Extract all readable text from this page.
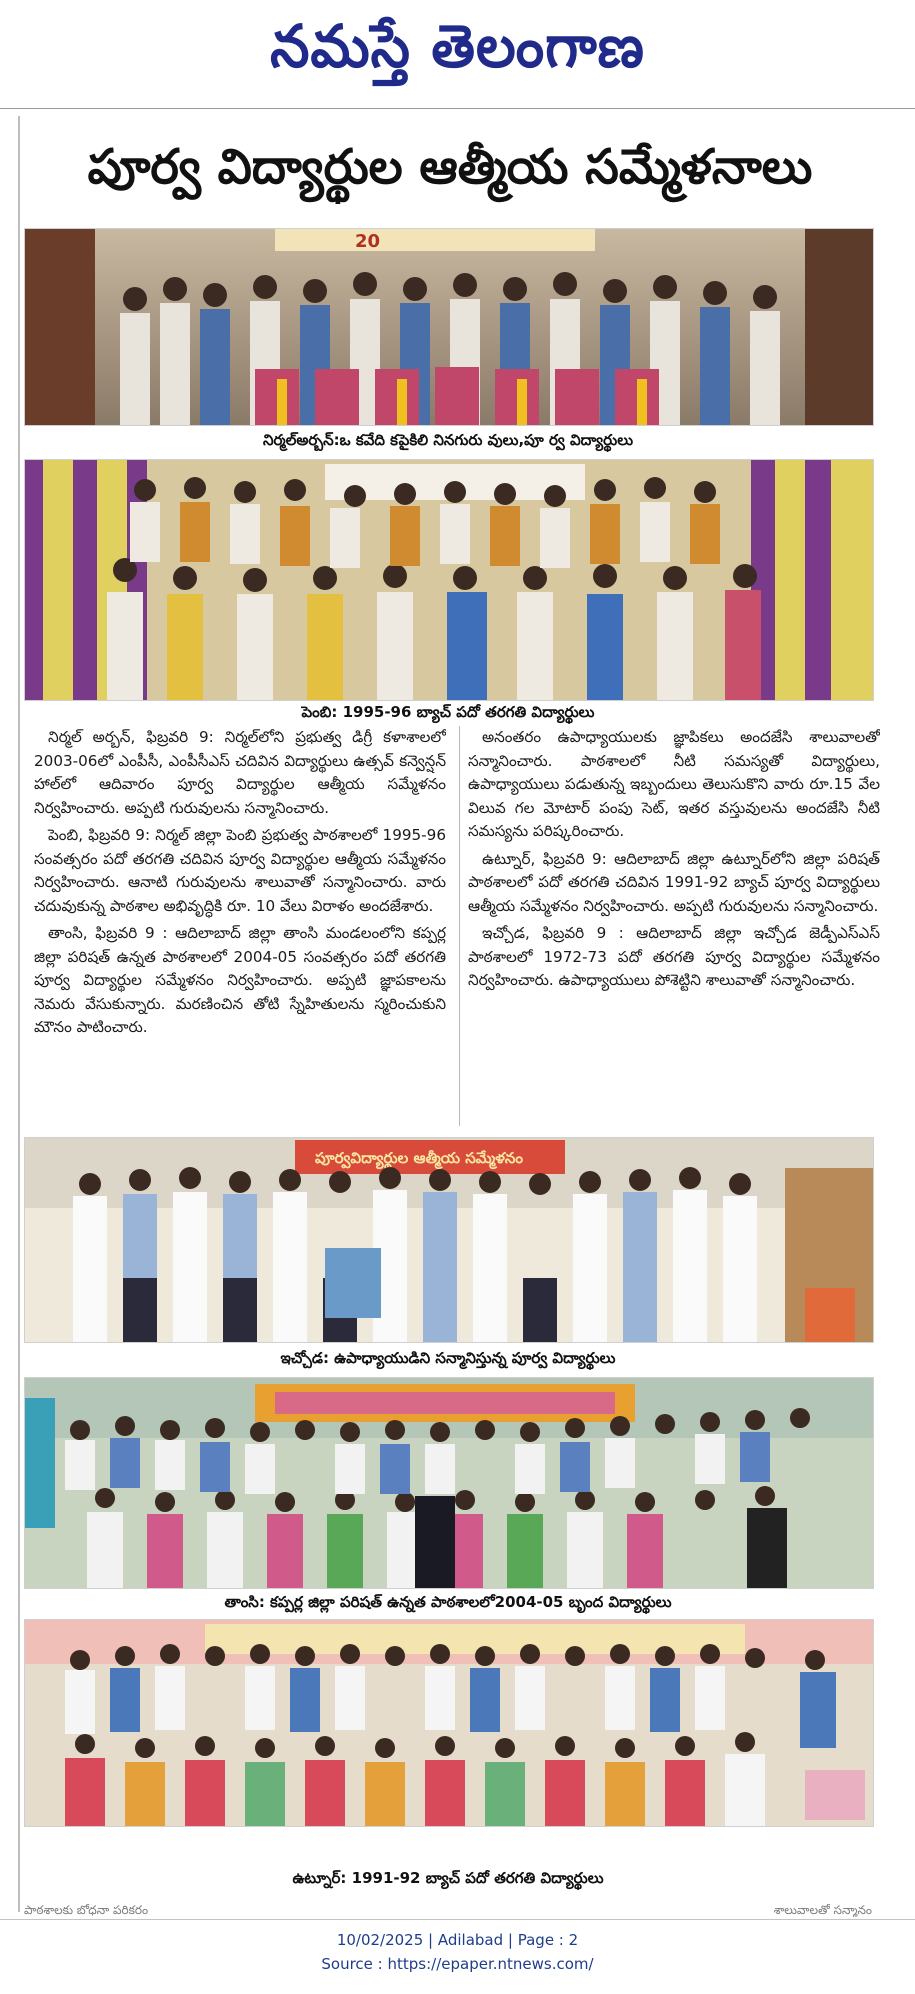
నమస్తే తెలంగాణ
పూర్వ విద్యార్థుల ఆత్మీయ సమ్మేళనాలు
20
నిర్మల్‌అర్బన్‌:ఒ కవేది కపైకిలి నినగురు వులు,పూ ర్వ విద్యార్థులు
పెంబి: 1995-96 బ్యాచ్‌ పదో తరగతి విద్యార్థులు

నిర్మల్‌ అర్బన్‌, ఫిబ్రవరి 9: నిర్మల్‌లోని ప్రభుత్వ డిగ్రీ కళాశాలలో 2003-06లో ఎంపీసీ, ఎంపీసీఎస్‌ చదివిన విద్యార్థులు ఉత్సవ్‌ కన్వెన్షన్‌ హాల్‌లో ఆదివారం పూర్వ విద్యార్థుల ఆత్మీయ సమ్మేళనం నిర్వహించారు. అప్పటి గురువులను సన్మానించారు.

పెంబి, ఫిబ్రవరి 9: నిర్మల్‌ జిల్లా పెంబి ప్రభుత్వ పాఠశాలలో 1995-96 సంవత్సరం పదో తరగతి చదివిన పూర్వ విద్యార్థుల ఆత్మీయ సమ్మేళనం నిర్వహించారు. ఆనాటి గురువులను శాలువాతో సన్మానించారు. వారు చదువుకున్న పాఠశాల అభివృద్ధికి రూ. 10 వేలు విరాళం అందజేశారు.

తాంసి, ఫిబ్రవరి 9 : ఆదిలాబాద్‌ జిల్లా తాంసి మండలంలోని కప్పర్ల జిల్లా పరిషత్‌ ఉన్నత పాఠశాలలో 2004-05 సంవత్సరం పదో తరగతి పూర్వ విద్యార్థుల సమ్మేళనం నిర్వహించారు. అప్పటి జ్ఞాపకాలను నెమరు వేసుకున్నారు. మరణించిన తోటి స్నేహితులను స్మరించుకుని మౌనం పాటించారు.

అనంతరం ఉపాధ్యాయులకు జ్ఞాపికలు అందజేసి శాలువాలతో సన్మానించారు. పాఠశాలలో నీటి సమస్యతో విద్యార్థులు, ఉపాధ్యాయులు పడుతున్న ఇబ్బందులు తెలుసుకొని వారు రూ.15 వేల విలువ గల మోటార్‌ పంపు సెట్‌, ఇతర వస్తువులను అందజేసి నీటి సమస్యను పరిష్కరించారు.

ఉట్నూర్‌, ఫిబ్రవరి 9: ఆదిలాబాద్‌ జిల్లా ఉట్నూర్‌లోని జిల్లా పరిషత్‌ పాఠశాలలో పదో తరగతి చదివిన 1991-92 బ్యాచ్‌ పూర్వ విద్యార్థులు ఆత్మీయ సమ్మేళనం నిర్వహించారు. అప్పటి గురువులను సన్మానించారు.

ఇచ్చోడ, ఫిబ్రవరి 9 : ఆదిలాబాద్‌ జిల్లా ఇచ్చోడ జెడ్పీఎస్‌ఎస్‌ పాఠశాలలో 1972-73 పదో తరగతి పూర్వ విద్యార్థుల సమ్మేళనం నిర్వహించారు. ఉపాధ్యాయులు పోశెట్టిని శాలువాతో సన్మానించారు.

పూర్వవిద్యార్థుల ఆత్మీయ సమ్మేళనం
ఇచ్చోడ: ఉపాధ్యాయుడిని సన్మానిస్తున్న పూర్వ విద్యార్థులు
తాంసి: కప్పర్ల జిల్లా పరిషత్‌ ఉన్నత పాఠశాలలో2004-05 బృంద విద్యార్థులు
ఉట్నూర్‌: 1991-92 బ్యాచ్‌ పదో తరగతి విద్యార్థులు
పాఠశాలకు బోధనా పరికరం	శాలువాలతో సన్మానం
10/02/2025 | Adilabad | Page : 2
Source : https://epaper.ntnews.com/
